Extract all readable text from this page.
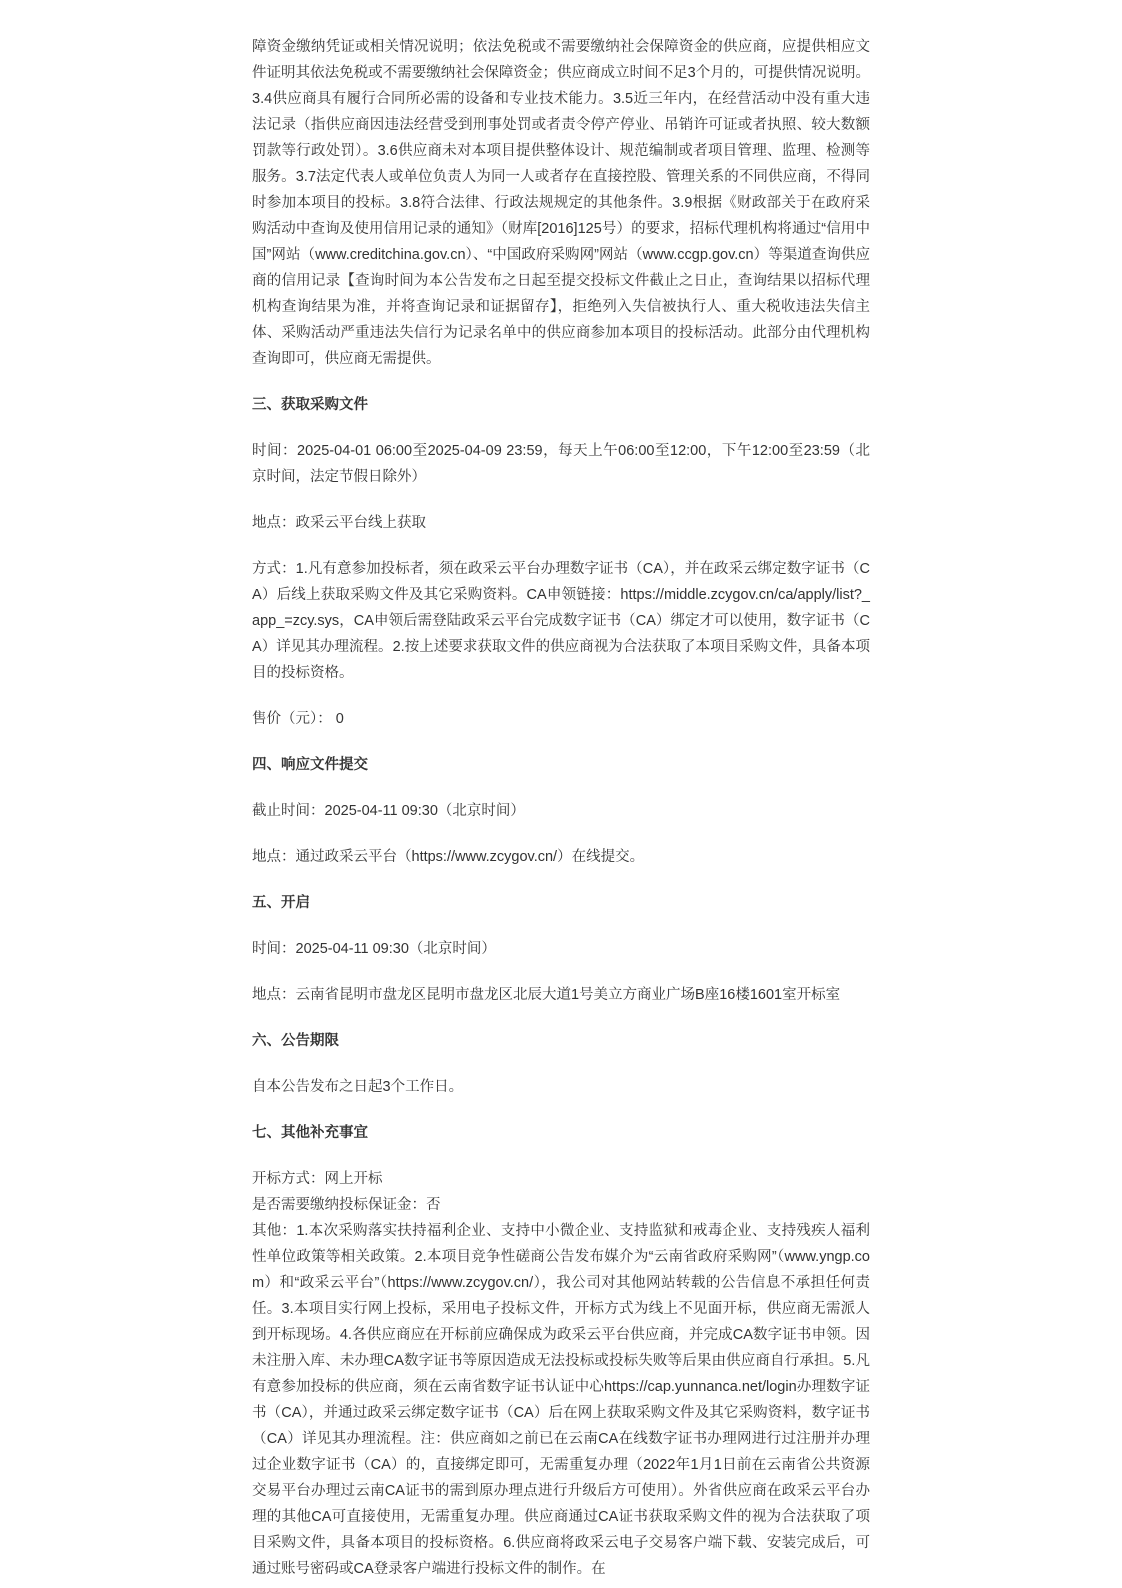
障资金缴纳凭证或相关情况说明；依法免税或不需要缴纳社会保障资金的供应商，应提供相应文件证明其依法免税或不需要缴纳社会保障资金；供应商成立时间不足3个月的，可提供情况说明。3.4供应商具有履行合同所必需的设备和专业技术能力。3.5近三年内，在经营活动中没有重大违法记录（指供应商因违法经营受到刑事处罚或者责令停产停业、吊销许可证或者执照、较大数额罚款等行政处罚）。3.6供应商未对本项目提供整体设计、规范编制或者项目管理、监理、检测等服务。3.7法定代表人或单位负责人为同一人或者存在直接控股、管理关系的不同供应商，不得同时参加本项目的投标。3.8符合法律、行政法规规定的其他条件。3.9根据《财政部关于在政府采购活动中查询及使用信用记录的通知》（财库[2016]125号）的要求，招标代理机构将通过“信用中国”网站（www.creditchina.gov.cn）、“中国政府采购网”网站（www.ccgp.gov.cn）等渠道查询供应商的信用记录【查询时间为本公告发布之日起至提交投标文件截止之日止，查询结果以招标代理机构查询结果为准，并将查询记录和证据留存】，拒绝列入失信被执行人、重大税收违法失信主体、采购活动严重违法失信行为记录名单中的供应商参加本项目的投标活动。此部分由代理机构查询即可，供应商无需提供。

三、获取采购文件

时间：2025-04-01 06:00至2025-04-09 23:59，每天上午06:00至12:00，下午12:00至23:59（北京时间，法定节假日除外）

地点：政采云平台线上获取

方式：1.凡有意参加投标者，须在政采云平台办理数字证书（CA），并在政采云绑定数字证书（CA）后线上获取采购文件及其它采购资料。CA申领链接：https://middle.zcygov.cn/ca/apply/list?_app_=zcy.sys，CA申领后需登陆政采云平台完成数字证书（CA）绑定才可以使用，数字证书（CA）详见其办理流程。2.按上述要求获取文件的供应商视为合法获取了本项目采购文件，具备本项目的投标资格。

售价（元）： 0

四、响应文件提交

截止时间：2025-04-11 09:30（北京时间）

地点：通过政采云平台（https://www.zcygov.cn/）在线提交。

五、开启

时间：2025-04-11 09:30（北京时间）

地点：云南省昆明市盘龙区昆明市盘龙区北辰大道1号美立方商业广场B座16楼1601室开标室

六、公告期限

自本公告发布之日起3个工作日。

七、其他补充事宜

开标方式：网上开标

是否需要缴纳投标保证金：否

其他：1.本次采购落实扶持福利企业、支持中小微企业、支持监狱和戒毒企业、支持残疾人福利性单位政策等相关政策。2.本项目竞争性磋商公告发布媒介为“云南省政府采购网”（www.yngp.com）和“政采云平台”（https://www.zcygov.cn/），我公司对其他网站转载的公告信息不承担任何责任。3.本项目实行网上投标，采用电子投标文件，开标方式为线上不见面开标，供应商无需派人到开标现场。4.各供应商应在开标前应确保成为政采云平台供应商，并完成CA数字证书申领。因未注册入库、未办理CA数字证书等原因造成无法投标或投标失败等后果由供应商自行承担。5.凡有意参加投标的供应商，须在云南省数字证书认证中心https://cap.yunnanca.net/login办理数字证书（CA），并通过政采云绑定数字证书（CA）后在网上获取采购文件及其它采购资料，数字证书（CA）详见其办理流程。注：供应商如之前已在云南CA在线数字证书办理网进行过注册并办理过企业数字证书（CA）的，直接绑定即可，无需重复办理（2022年1月1日前在云南省公共资源交易平台办理过云南CA证书的需到原办理点进行升级后方可使用）。外省供应商在政采云平台办理的其他CA可直接使用，无需重复办理。供应商通过CA证书获取采购文件的视为合法获取了项目采购文件，具备本项目的投标资格。6.供应商将政采云电子交易客户端下载、安装完成后，可通过账号密码或CA登录客户端进行投标文件的制作。在
